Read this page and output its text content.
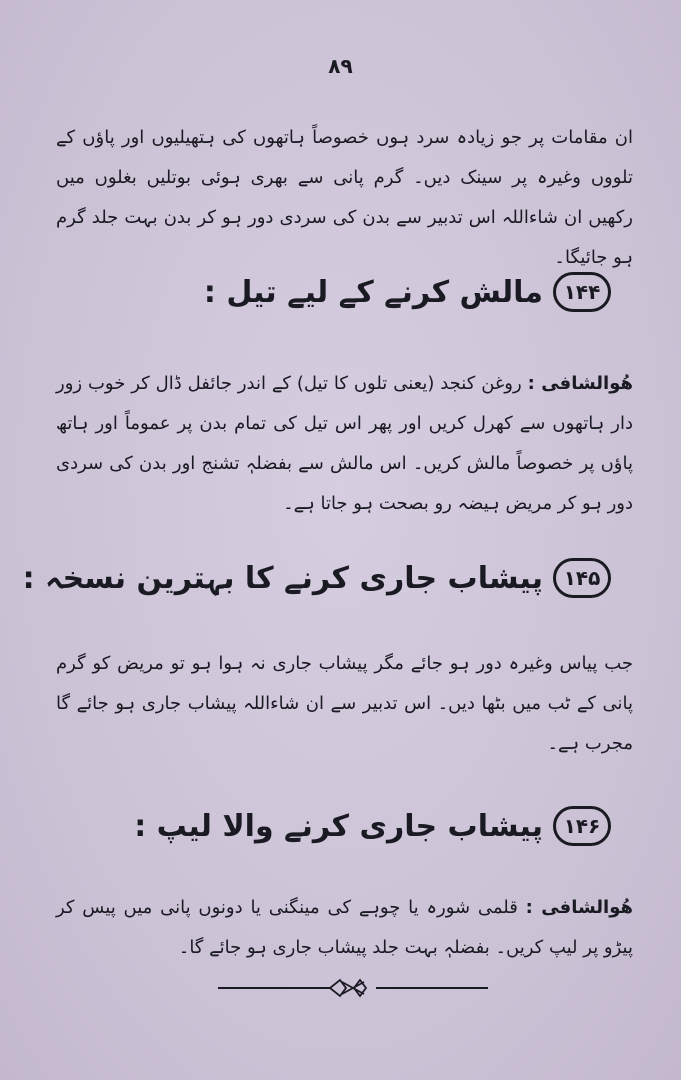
۸۹

ان مقامات پر جو زیادہ سرد ہوں خصوصاً ہاتھوں کی ہتھیلیوں اور پاؤں کے تلووں وغیرہ پر سینک دیں۔ گرم پانی سے بھری ہوئی بوتلیں بغلوں میں رکھیں ان شاءاللہ اس تدبیر سے بدن کی سردی دور ہو کر بدن بہت جلد گرم ہو جائیگا۔

۱۴۴
مالش کرنے کے لیے تیل :

ھُوالشافی : روغن کنجد (یعنی تلوں کا تیل) کے اندر جائفل ڈال کر خوب زور دار ہاتھوں سے کھرل کریں اور پھر اس تیل کی تمام بدن پر عموماً اور ہاتھ پاؤں پر خصوصاً مالش کریں۔ اس مالش سے بفضلہٖ تشنج اور بدن کی سردی دور ہو کر مریض ہیضہ رو بصحت ہو جاتا ہے۔

۱۴۵
پیشاب جاری کرنے کا بہترین نسخہ :

جب پیاس وغیرہ دور ہو جائے مگر پیشاب جاری نہ ہوا ہو تو مریض کو گرم پانی کے ٹب میں بٹھا دیں۔ اس تدبیر سے ان شاءاللہ پیشاب جاری ہو جائے گا مجرب ہے۔

۱۴۶
پیشاب جاری کرنے والا لیپ :

ھُوالشافی : قلمی شورہ یا چوہے کی مینگنی یا دونوں پانی میں پیس کر پیڑو پر لیپ کریں۔ بفضلہٖ بہت جلد پیشاب جاری ہو جائے گا۔
